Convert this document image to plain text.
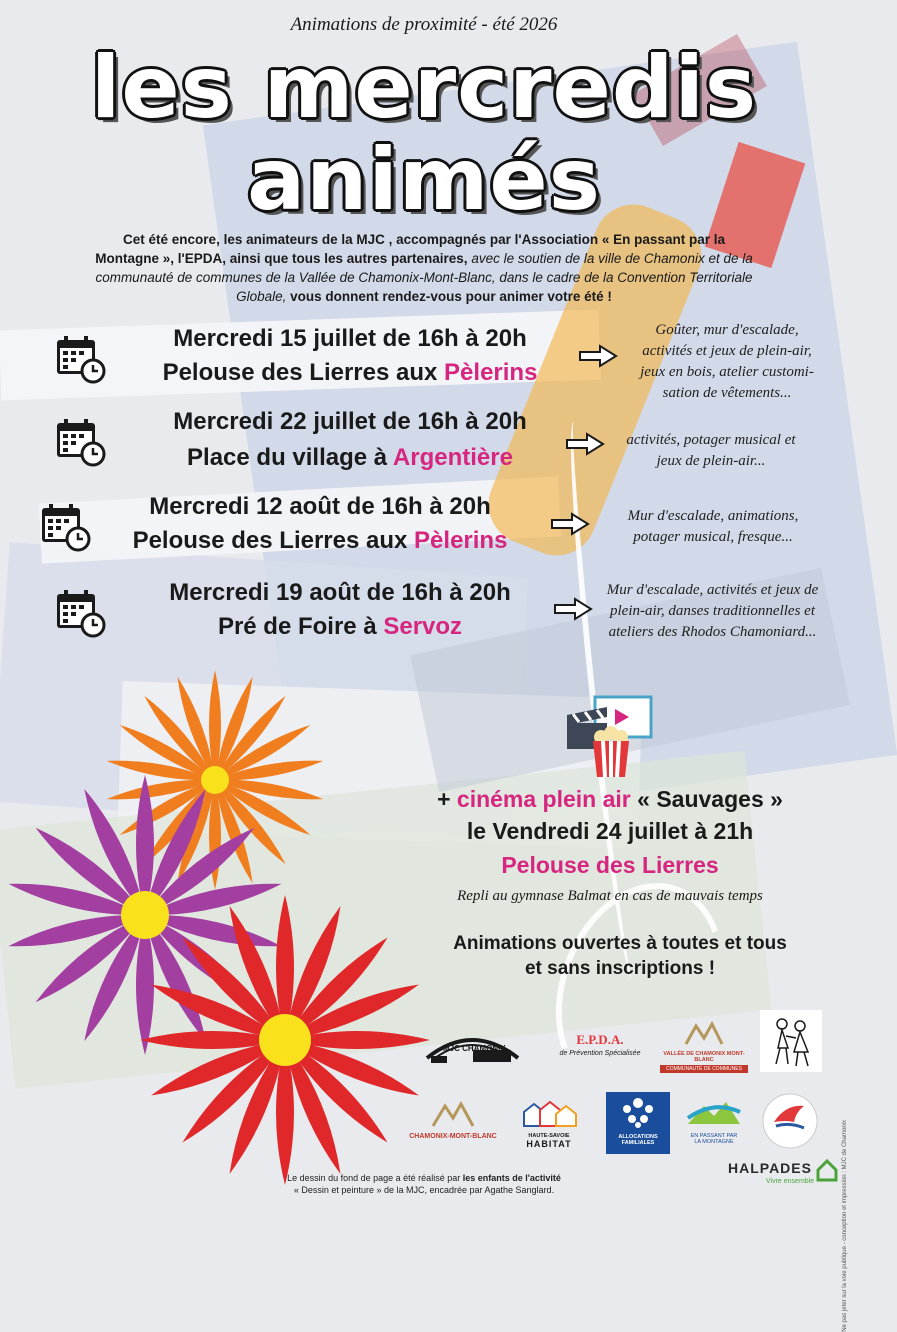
Animations de proximité - été 2026
les mercredis
animés
Cet été encore, les animateurs de la MJC , accompagnés par l'Association « En passant par la Montagne », l'EPDA, ainsi que tous les autres partenaires, avec le soutien de la ville de Chamonix et de la communauté de communes de la Vallée de Chamonix-Mont-Blanc, dans le cadre de la Convention Territoriale Globale, vous donnent rendez-vous pour animer votre été !
Mercredi 15 juillet de 16h à 20h
Pelouse des Lierres aux Pèlerins
Goûter, mur d'escalade,
activités et jeux de plein-air,
jeux en bois, atelier customi-
sation de vêtements...
Mercredi 22 juillet de 16h à 20h
Place du village à Argentière
activités, potager musical et
jeux de plein-air...
Mercredi 12 août de 16h à 20h
Pelouse des Lierres aux Pèlerins
Mur d'escalade, animations,
potager musical, fresque...
Mercredi 19 août de 16h à 20h
Pré de Foire à Servoz
Mur d'escalade, activités et jeux de
plein-air, danses traditionnelles et
ateliers des Rhodos Chamoniard...
+ cinéma plein air « Sauvages »
le Vendredi 24 juillet à 21h
Pelouse des Lierres
Repli au gymnase Balmat en cas de mauvais temps
Animations ouvertes à toutes et tous
et sans inscriptions !
MJC CHAMONIX
E.P.D.A.
de Prévention Spécialisée	VALLÉE DE CHAMONIX MONT-BLANC
COMMUNAUTÉ DE COMMUNES
CHAMONIX-MONT-BLANC	HAUTE-SAVOIE
HABITAT
ALLOCATIONS
FAMILIALES
EN PASSANT PAR
LA MONTAGNE
HALPADES
Vivre ensemble	Ne pas jeter sur la voie publique - conception et impression : MJC de Chamonix
Le dessin du fond de page a été réalisé par les enfants de l'activité
« Dessin et peinture » de la MJC, encadrée par Agathe Sanglard.
